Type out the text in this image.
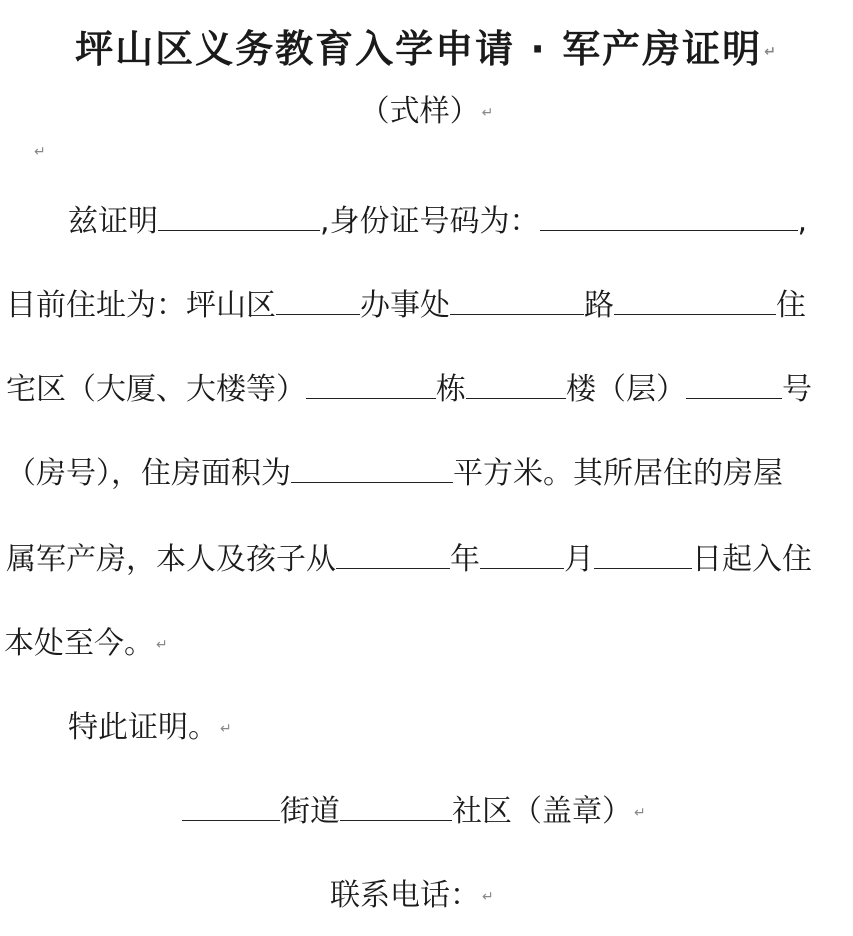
坪山区义务教育入学申请 · 军产房证明 ↵
（式样） ↵
↵
兹证明	,身份证号码为：	,
目前住址为：坪山区	办事处	路	住
宅区（大厦、大楼等）	栋	楼（层）	号
（房号），住房面积为	平方米。其所居住的房屋
属军产房，本人及孩子从	年	月	日起入住
本处至今。 ↵
特此证明。 ↵
街道	社区（盖章） ↵
联系电话： ↵
